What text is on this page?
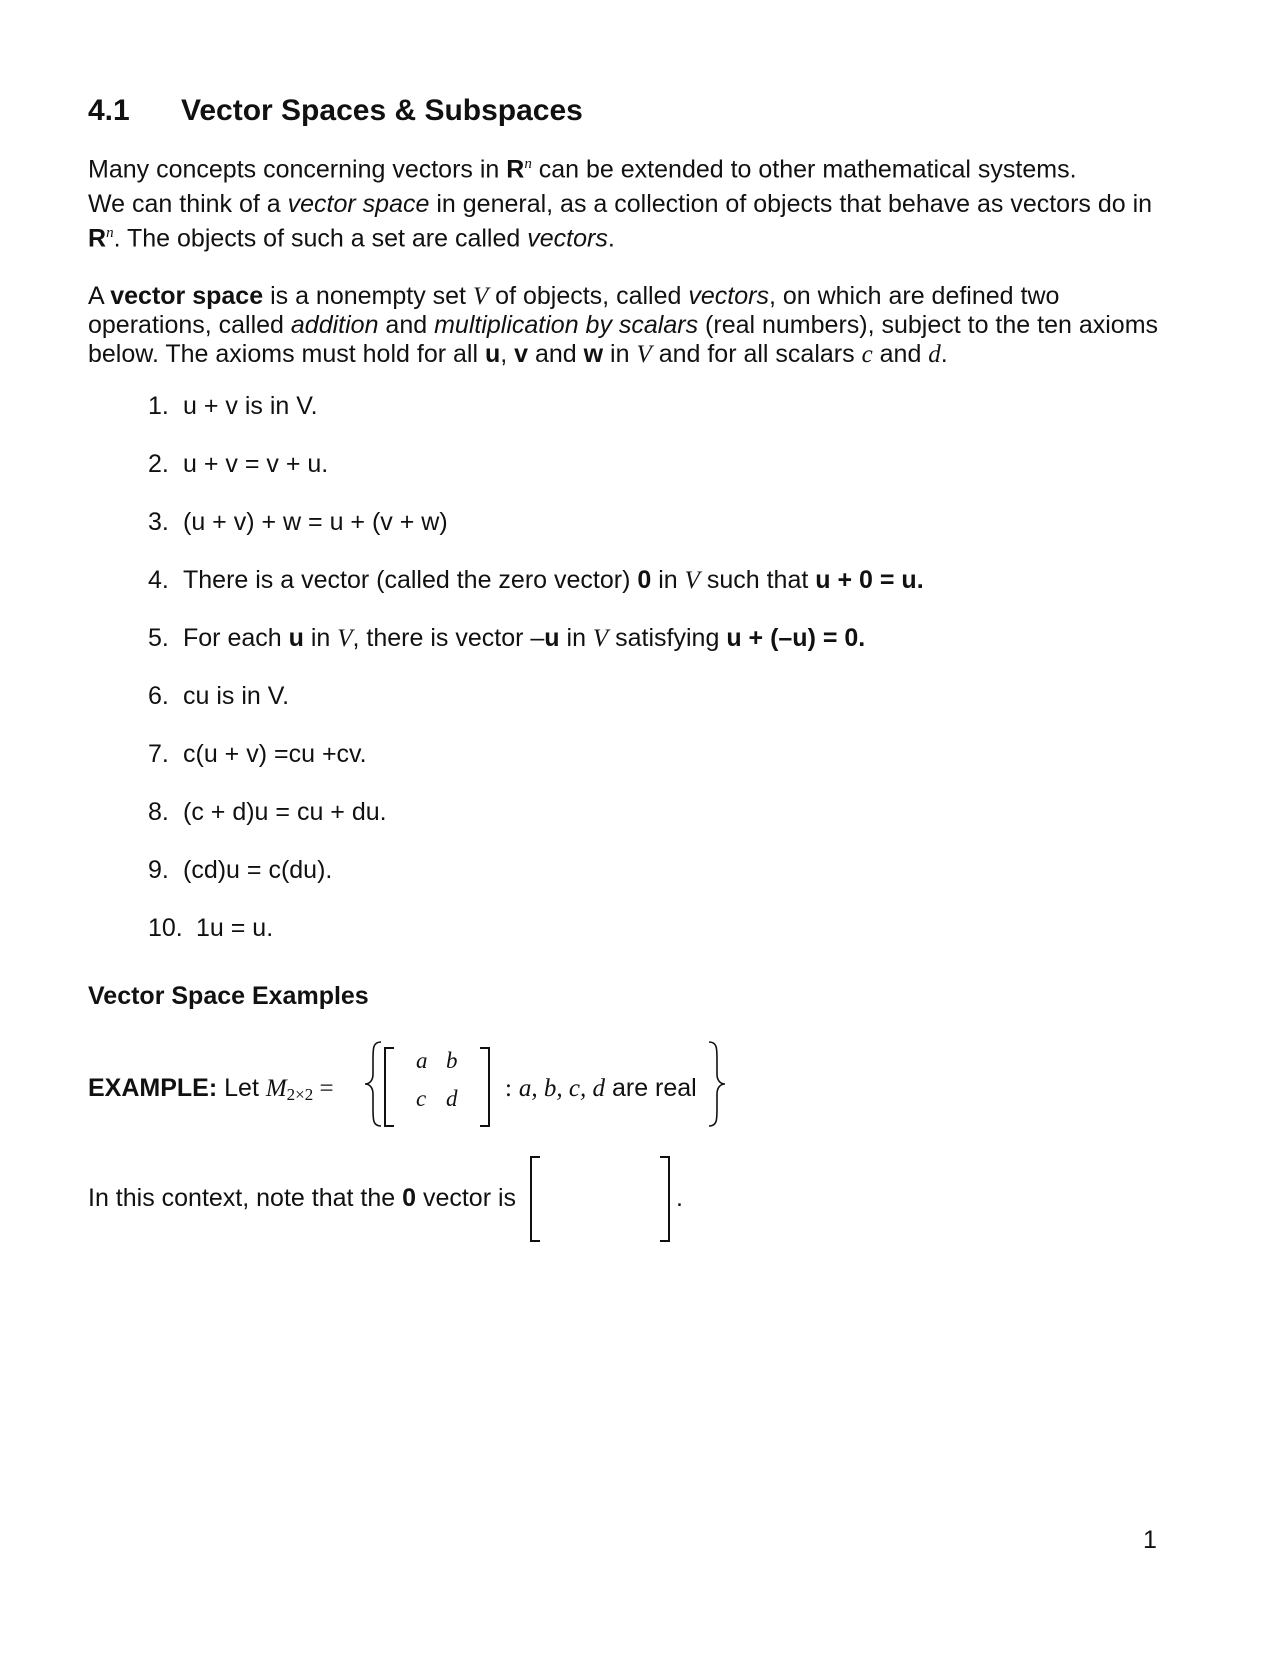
4.1 Vector Spaces & Subspaces
Many concepts concerning vectors in $R^n$ can be extended to other mathematical systems.
We can think of a vector space in general, as a collection of objects that behave as vectors do in
$R^n$. The objects of such a set are called vectors.
A vector space is a nonempty set V of objects, called vectors, on which are defined two
operations, called addition and multiplication by scalars (real numbers), subject to the ten axioms
below. The axioms must hold for all u, v and w in V and for all scalars c and d.
1. u + v is in V.
2. u + v = v + u.
3. (u + v) + w = u + (v + w)
4. There is a vector (called the zero vector) 0 in V such that u + 0 = u.
5. For each u in V, there is vector –u in V satisfying u + (–u) = 0.
6. cu is in V.
7. c(u + v) =cu +cv.
8. (c + d)u = cu + du.
9. (cd)u = c(du).
10. 1u = u.
Vector Space Examples
EXAMPLE: Let M2×2 =
a b
c d : a, b, c, d are real
In this context, note that the 0 vector is	.
1
